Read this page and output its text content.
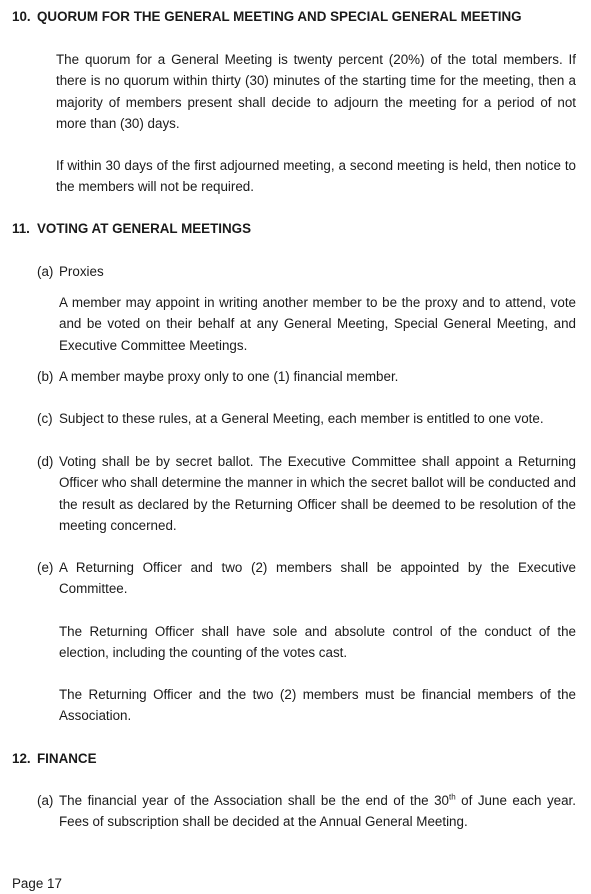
10. QUORUM FOR THE GENERAL MEETING AND SPECIAL GENERAL MEETING

The quorum for a General Meeting is twenty percent (20%) of the total members. If there is no quorum within thirty (30) minutes of the starting time for the meeting, then a majority of members present shall decide to adjourn the meeting for a period of not more than (30) days.

If within 30 days of the first adjourned meeting, a second meeting is held, then notice to the members will not be required.

11. VOTING AT GENERAL MEETINGS
(a) Proxies

A member may appoint in writing another member to be the proxy and to attend, vote and be voted on their behalf at any General Meeting, Special General Meeting, and Executive Committee Meetings.

(b) A member maybe proxy only to one (1) financial member.
(c) Subject to these rules, at a General Meeting, each member is entitled to one vote.
(d) Voting shall be by secret ballot. The Executive Committee shall appoint a Returning Officer who shall determine the manner in which the secret ballot will be conducted and the result as declared by the Returning Officer shall be deemed to be resolution of the meeting concerned.
(e) A Returning Officer and two (2) members shall be appointed by the Executive Committee.

The Returning Officer shall have sole and absolute control of the conduct of the election, including the counting of the votes cast.

The Returning Officer and the two (2) members must be financial members of the Association.

12. FINANCE
(a) The financial year of the Association shall be the end of the 30th of June each year. Fees of subscription shall be decided at the Annual General Meeting.
Page 17
